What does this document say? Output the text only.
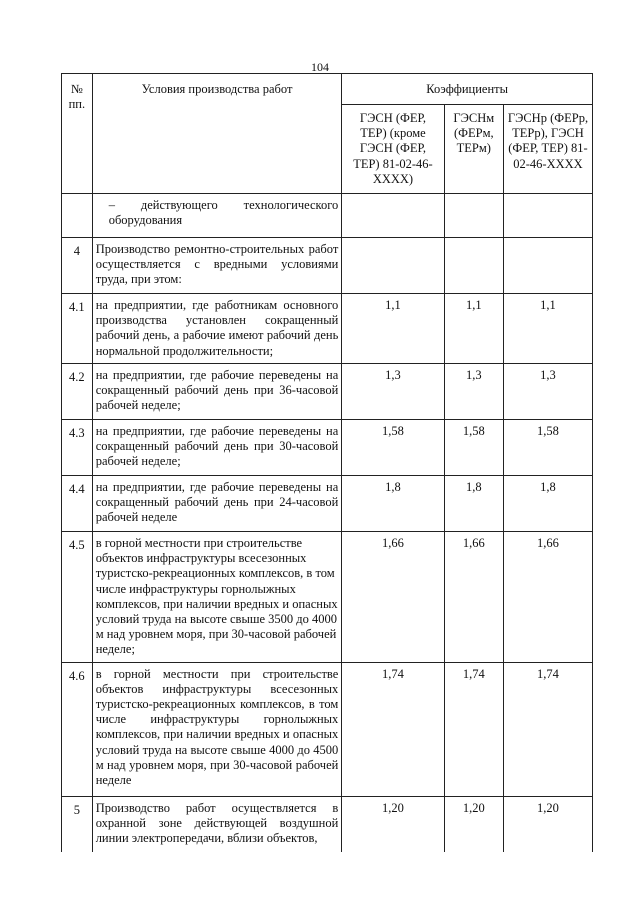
104
№ пп.	Условия производства работ	Коэффициенты		
		ГЭСН (ФЕР, ТЕР) (кроме ГЭСН (ФЕР, ТЕР) 81-02-46-XXXX)	ГЭСНм (ФЕРм, ТЕРм)	ГЭСНр (ФЕРр, ТЕРр), ГЭСН (ФЕР, ТЕР) 81-02-46-XXXX
	– действующего технологического оборудования			
4	Производство ремонтно-строительных работ осуществляется с вредными условиями труда, при этом:			
4.1	на предприятии, где работникам основного производства установлен сокращенный рабочий день, а рабочие имеют рабочий день нормальной продолжительности;	1,1	1,1	1,1
4.2	на предприятии, где рабочие переведены на сокращенный рабочий день при 36-часовой рабочей неделе;	1,3	1,3	1,3
4.3	на предприятии, где рабочие переведены на сокращенный рабочий день при 30-часовой рабочей неделе;	1,58	1,58	1,58
4.4	на предприятии, где рабочие переведены на сокращенный рабочий день при 24-часовой рабочей неделе	1,8	1,8	1,8
4.5	в горной местности при строительстве объектов инфраструктуры всесезонных туристско-рекреационных комплексов, в том числе инфраструктуры горнолыжных комплексов, при наличии вредных и опасных условий труда на высоте свыше 3500 до 4000 м над уровнем моря, при 30-часовой рабочей неделе;	1,66	1,66	1,66
4.6	в горной местности при строительстве объектов инфраструктуры всесезонных туристско-рекреационных комплексов, в том числе инфраструктуры горнолыжных комплексов, при наличии вредных и опасных условий труда на высоте свыше 4000 до 4500 м над уровнем моря, при 30-часовой рабочей неделе	1,74	1,74	1,74
5	Производство работ осуществляется в охранной зоне действующей воздушной линии электропередачи, вблизи объектов,	1,20	1,20	1,20
